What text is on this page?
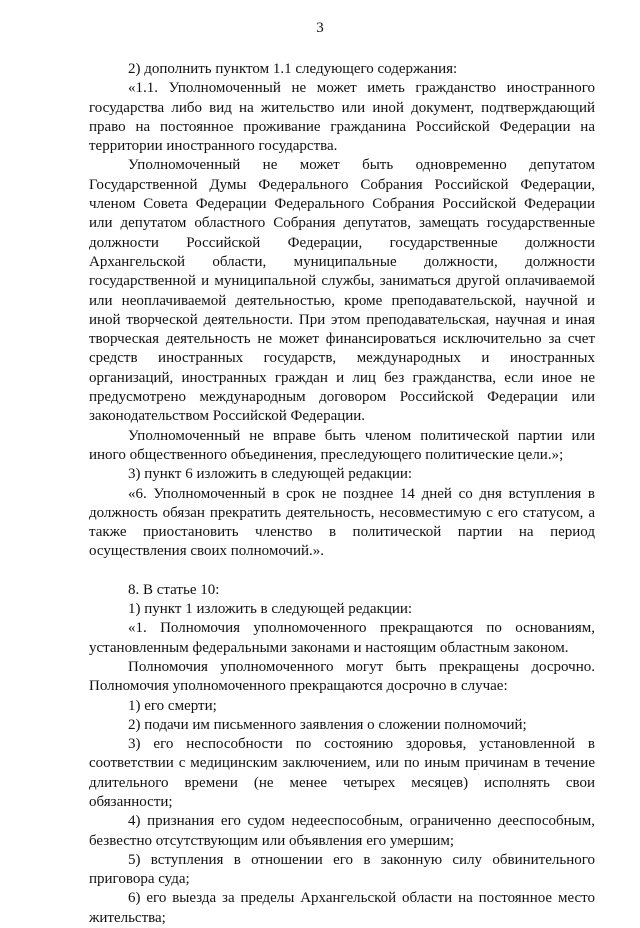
3

2) дополнить пунктом 1.1 следующего содержания:

«1.1. Уполномоченный не может иметь гражданство иностранного государства либо вид на жительство или иной документ, подтверждающий право на постоянное проживание гражданина Российской Федерации на территории иностранного государства.

Уполномоченный не может быть одновременно депутатом Государственной Думы Федерального Собрания Российской Федерации, членом Совета Федерации Федерального Собрания Российской Федерации или депутатом областного Собрания депутатов, замещать государственные должности Российской Федерации, государственные должности Архангельской области, муниципальные должности, должности государственной и муниципальной службы, заниматься другой оплачиваемой или неоплачиваемой деятельностью, кроме преподавательской, научной и иной творческой деятельности. При этом преподавательская, научная и иная творческая деятельность не может финансироваться исключительно за счет средств иностранных государств, международных и иностранных организаций, иностранных граждан и лиц без гражданства, если иное не предусмотрено международным договором Российской Федерации или законодательством Российской Федерации.

Уполномоченный не вправе быть членом политической партии или иного общественного объединения, преследующего политические цели.»;

3) пункт 6 изложить в следующей редакции:

«6. Уполномоченный в срок не позднее 14 дней со дня вступления в должность обязан прекратить деятельность, несовместимую с его статусом, а также приостановить членство в политической партии на период осуществления своих полномочий.».

8. В статье 10:

1) пункт 1 изложить в следующей редакции:

«1. Полномочия уполномоченного прекращаются по основаниям, установленным федеральными законами и настоящим областным законом.

Полномочия уполномоченного могут быть прекращены досрочно. Полномочия уполномоченного прекращаются досрочно в случае:

1) его смерти;

2) подачи им письменного заявления о сложении полномочий;

3) его неспособности по состоянию здоровья, установленной в соответствии с медицинским заключением, или по иным причинам в течение длительного времени (не менее четырех месяцев) исполнять свои обязанности;

4) признания его судом недееспособным, ограниченно дееспособным, безвестно отсутствующим или объявления его умершим;

5) вступления в отношении его в законную силу обвинительного приговора суда;

6) его выезда за пределы Архангельской области на постоянное место жительства;
